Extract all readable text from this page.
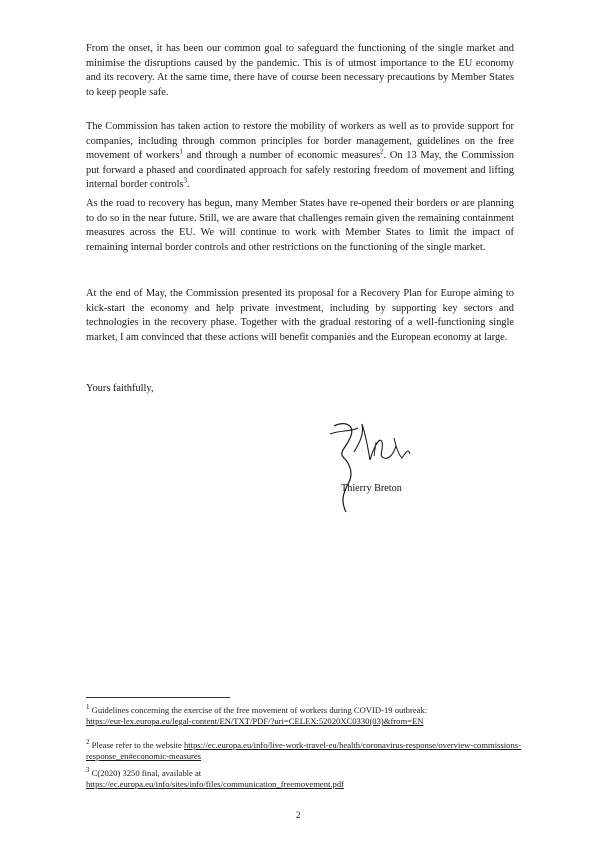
From the onset, it has been our common goal to safeguard the functioning of the single market and minimise the disruptions caused by the pandemic. This is of utmost importance to the EU economy and its recovery. At the same time, there have of course been necessary precautions by Member States to keep people safe.

The Commission has taken action to restore the mobility of workers as well as to provide support for companies, including through common principles for border management, guidelines on the free movement of workers$^1$ and through a number of economic measures$^2$. On 13 May, the Commission put forward a phased and coordinated approach for safely restoring freedom of movement and lifting internal border controls$^3$.

As the road to recovery has begun, many Member States have re-opened their borders or are planning to do so in the near future. Still, we are aware that challenges remain given the remaining containment measures across the EU. We will continue to work with Member States to limit the impact of remaining internal border controls and other restrictions on the functioning of the single market.

At the end of May, the Commission presented its proposal for a Recovery Plan for Europe aiming to kick-start the economy and help private investment, including by supporting key sectors and technologies in the recovery phase. Together with the gradual restoring of a well-functioning single market, I am convinced that these actions will benefit companies and the European economy at large.

Yours faithfully,
Thierry Breton

$^1$ Guidelines concerning the exercise of the free movement of workers during COVID-19 outbreak:
https://eur-lex.europa.eu/legal-content/EN/TXT/PDF/?uri=CELEX:52020XC0330(03)&from=EN

$^2$ Please refer to the website https://ec.europa.eu/info/live-work-travel-eu/health/coronavirus-response/overview-commissions-response_en#economic-measures

$^3$ C(2020) 3250 final, available at
https://ec.europa.eu/info/sites/info/files/communication_freemovement.pdf

2
